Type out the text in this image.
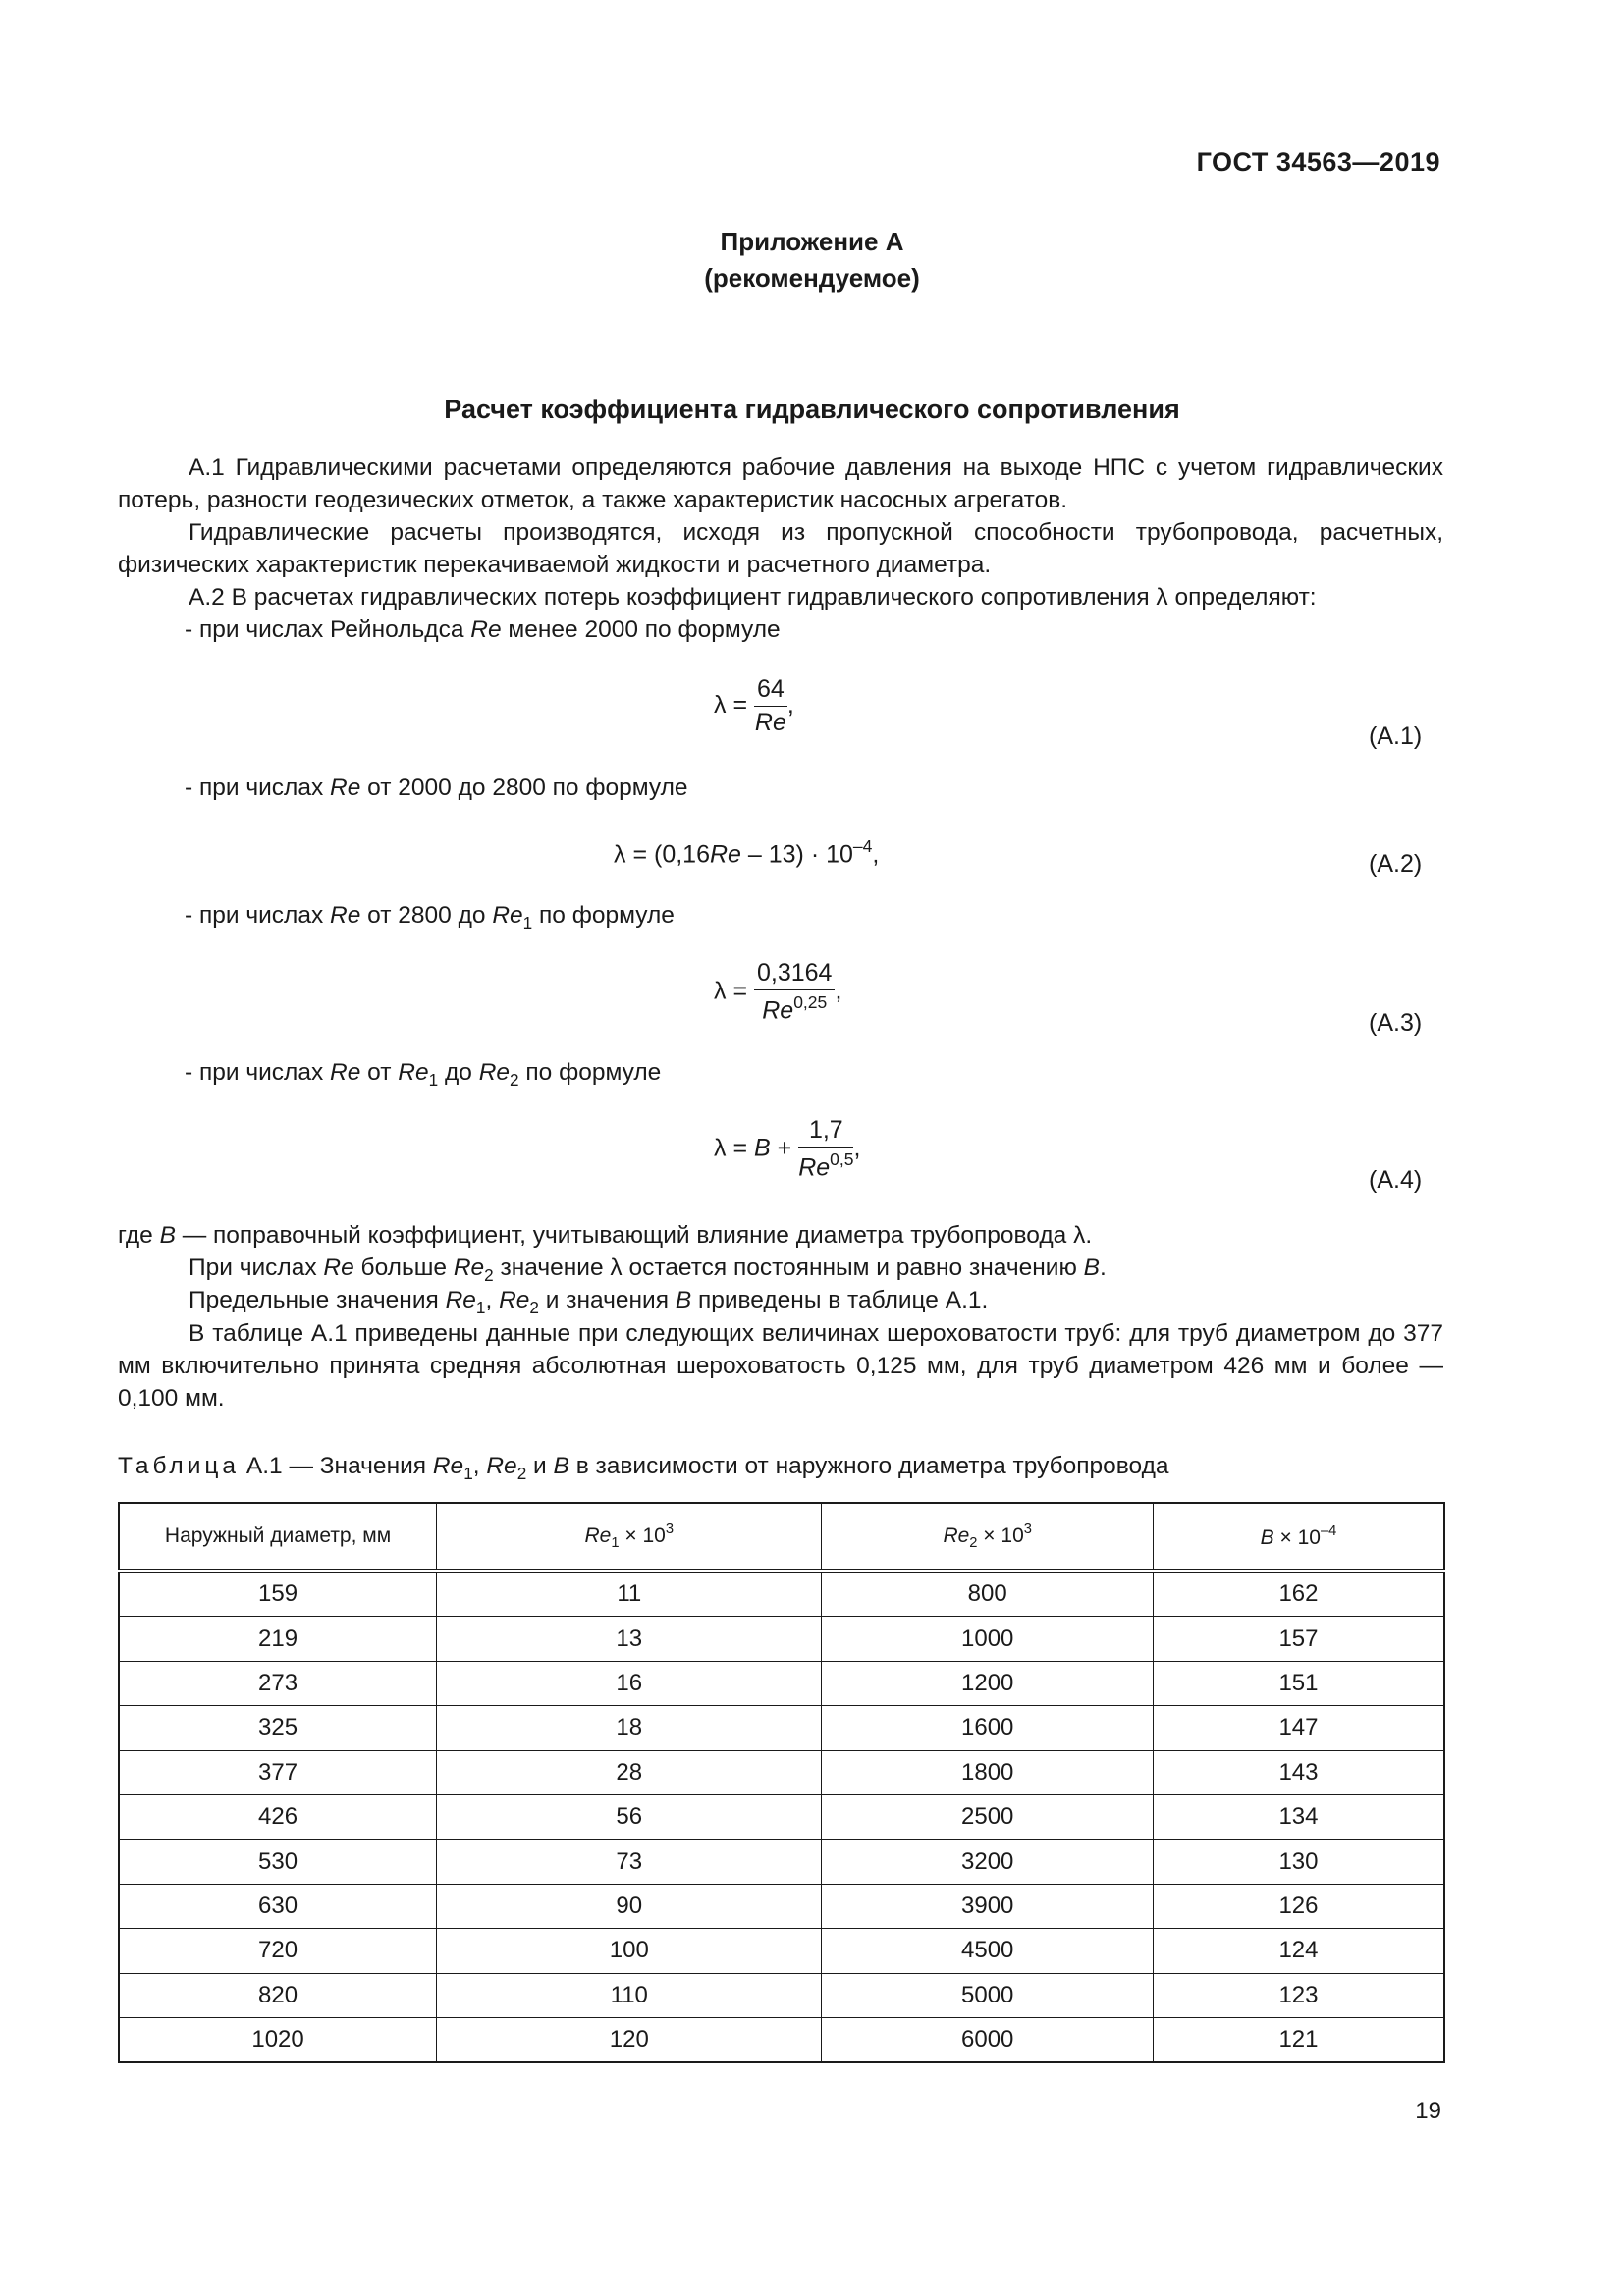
ГОСТ 34563—2019
Приложение А
(рекомендуемое)
Расчет коэффициента гидравлического сопротивления
А.1 Гидравлическими расчетами определяются рабочие давления на выходе НПС с учетом гидравлических потерь, разности геодезических отметок, а также характеристик насосных агрегатов.
Гидравлические расчеты производятся, исходя из пропускной способности трубопровода, расчетных, физических характеристик перекачиваемой жидкости и расчетного диаметра.
А.2 В расчетах гидравлических потерь коэффициент гидравлического сопротивления λ определяют:
- при числах Рейнольдса Re менее 2000 по формуле
$\lambda = \frac{64}{Re}$ ,
(А.1)
- при числах Re от 2000 до 2800 по формуле
$\lambda = (0,16Re - 13) \cdot 10^{-4}$,	(А.2)
- при числах Re от 2800 до $Re_1$ по формуле
$\lambda = \frac{0,3164}{Re^{0,25}}$ ,
(А.3)
- при числах Re от $Re_1$ до $Re_2$ по формуле
$\lambda = B + \frac{1,7}{Re^{0,5}}$ ,
(А.4)
где B — поправочный коэффициент, учитывающий влияние диаметра трубопровода λ.
При числах Re больше $Re_2$ значение λ остается постоянным и равно значению B.
Предельные значения $Re_1$, $Re_2$ и значения B приведены в таблице А.1.
В таблице А.1 приведены данные при следующих величинах шероховатости труб: для труб диаметром до 377 мм включительно принята средняя абсолютная шероховатость 0,125 мм, для труб диаметром 426 мм и более — 0,100 мм.
Таблица А.1 — Значения $Re_1$, $Re_2$ и B в зависимости от наружного диаметра трубопровода
Наружный диаметр, мм	$Re_1 \times 10^3$	$Re_2 \times 10^3$	$B \times 10^{-4}$
159	11	800	162
219	13	1000	157
273	16	1200	151
325	18	1600	147
377	28	1800	143
426	56	2500	134
530	73	3200	130
630	90	3900	126
720	100	4500	124
820	110	5000	123
1020	120	6000	121
19
